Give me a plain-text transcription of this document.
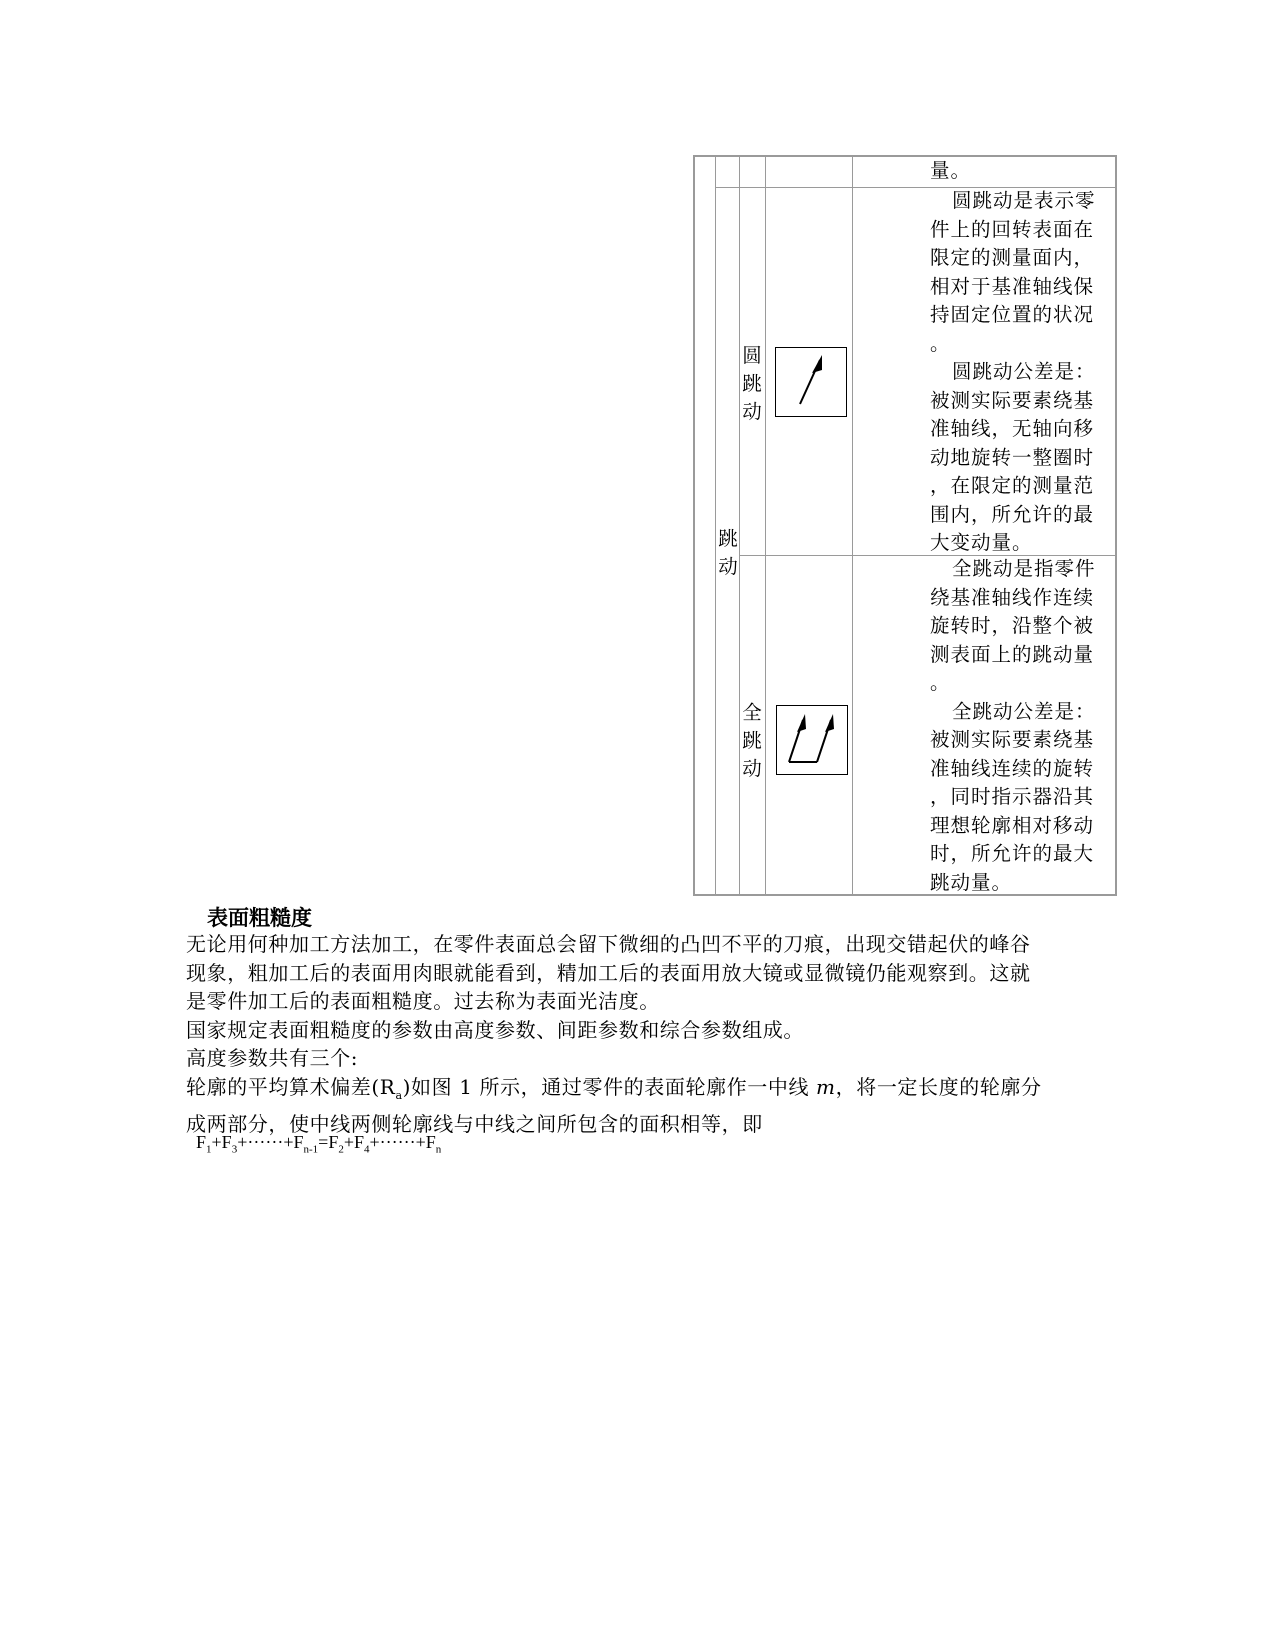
量。

跳
动
圆
跳
动

圆跳动是表示零

件上的回转表面在

限定的测量面内，

相对于基准轴线保

持固定位置的状况

。

圆跳动公差是：

被测实际要素绕基

准轴线，无轴向移

动地旋转一整圈时

，在限定的测量范

围内，所允许的最

大变动量。

全
跳
动

全跳动是指零件

绕基准轴线作连续

旋转时，沿整个被

测表面上的跳动量

。

全跳动公差是：

被测实际要素绕基

准轴线连续的旋转

，同时指示器沿其

理想轮廓相对移动

时，所允许的最大

跳动量。

表面粗糙度

无论用何种加工方法加工，在零件表面总会留下微细的凸凹不平的刀痕，出现交错起伏的峰谷

现象，粗加工后的表面用肉眼就能看到，精加工后的表面用放大镜或显微镜仍能观察到。这就

是零件加工后的表面粗糙度。过去称为表面光洁度。

国家规定表面粗糙度的参数由高度参数、间距参数和综合参数组成。

高度参数共有三个:

轮廓的平均算术偏差$(R_a)$如图 1 所示，通过零件的表面轮廓作一中线 m，将一定长度的轮廓分

成两部分，使中线两侧轮廓线与中线之间所包含的面积相等，即

$F_1+F_3+\cdot\cdot\cdot\cdot\cdot\cdot+F_{n-1}=F_2+F_4+\cdot\cdot\cdot\cdot\cdot\cdot+F_n$
